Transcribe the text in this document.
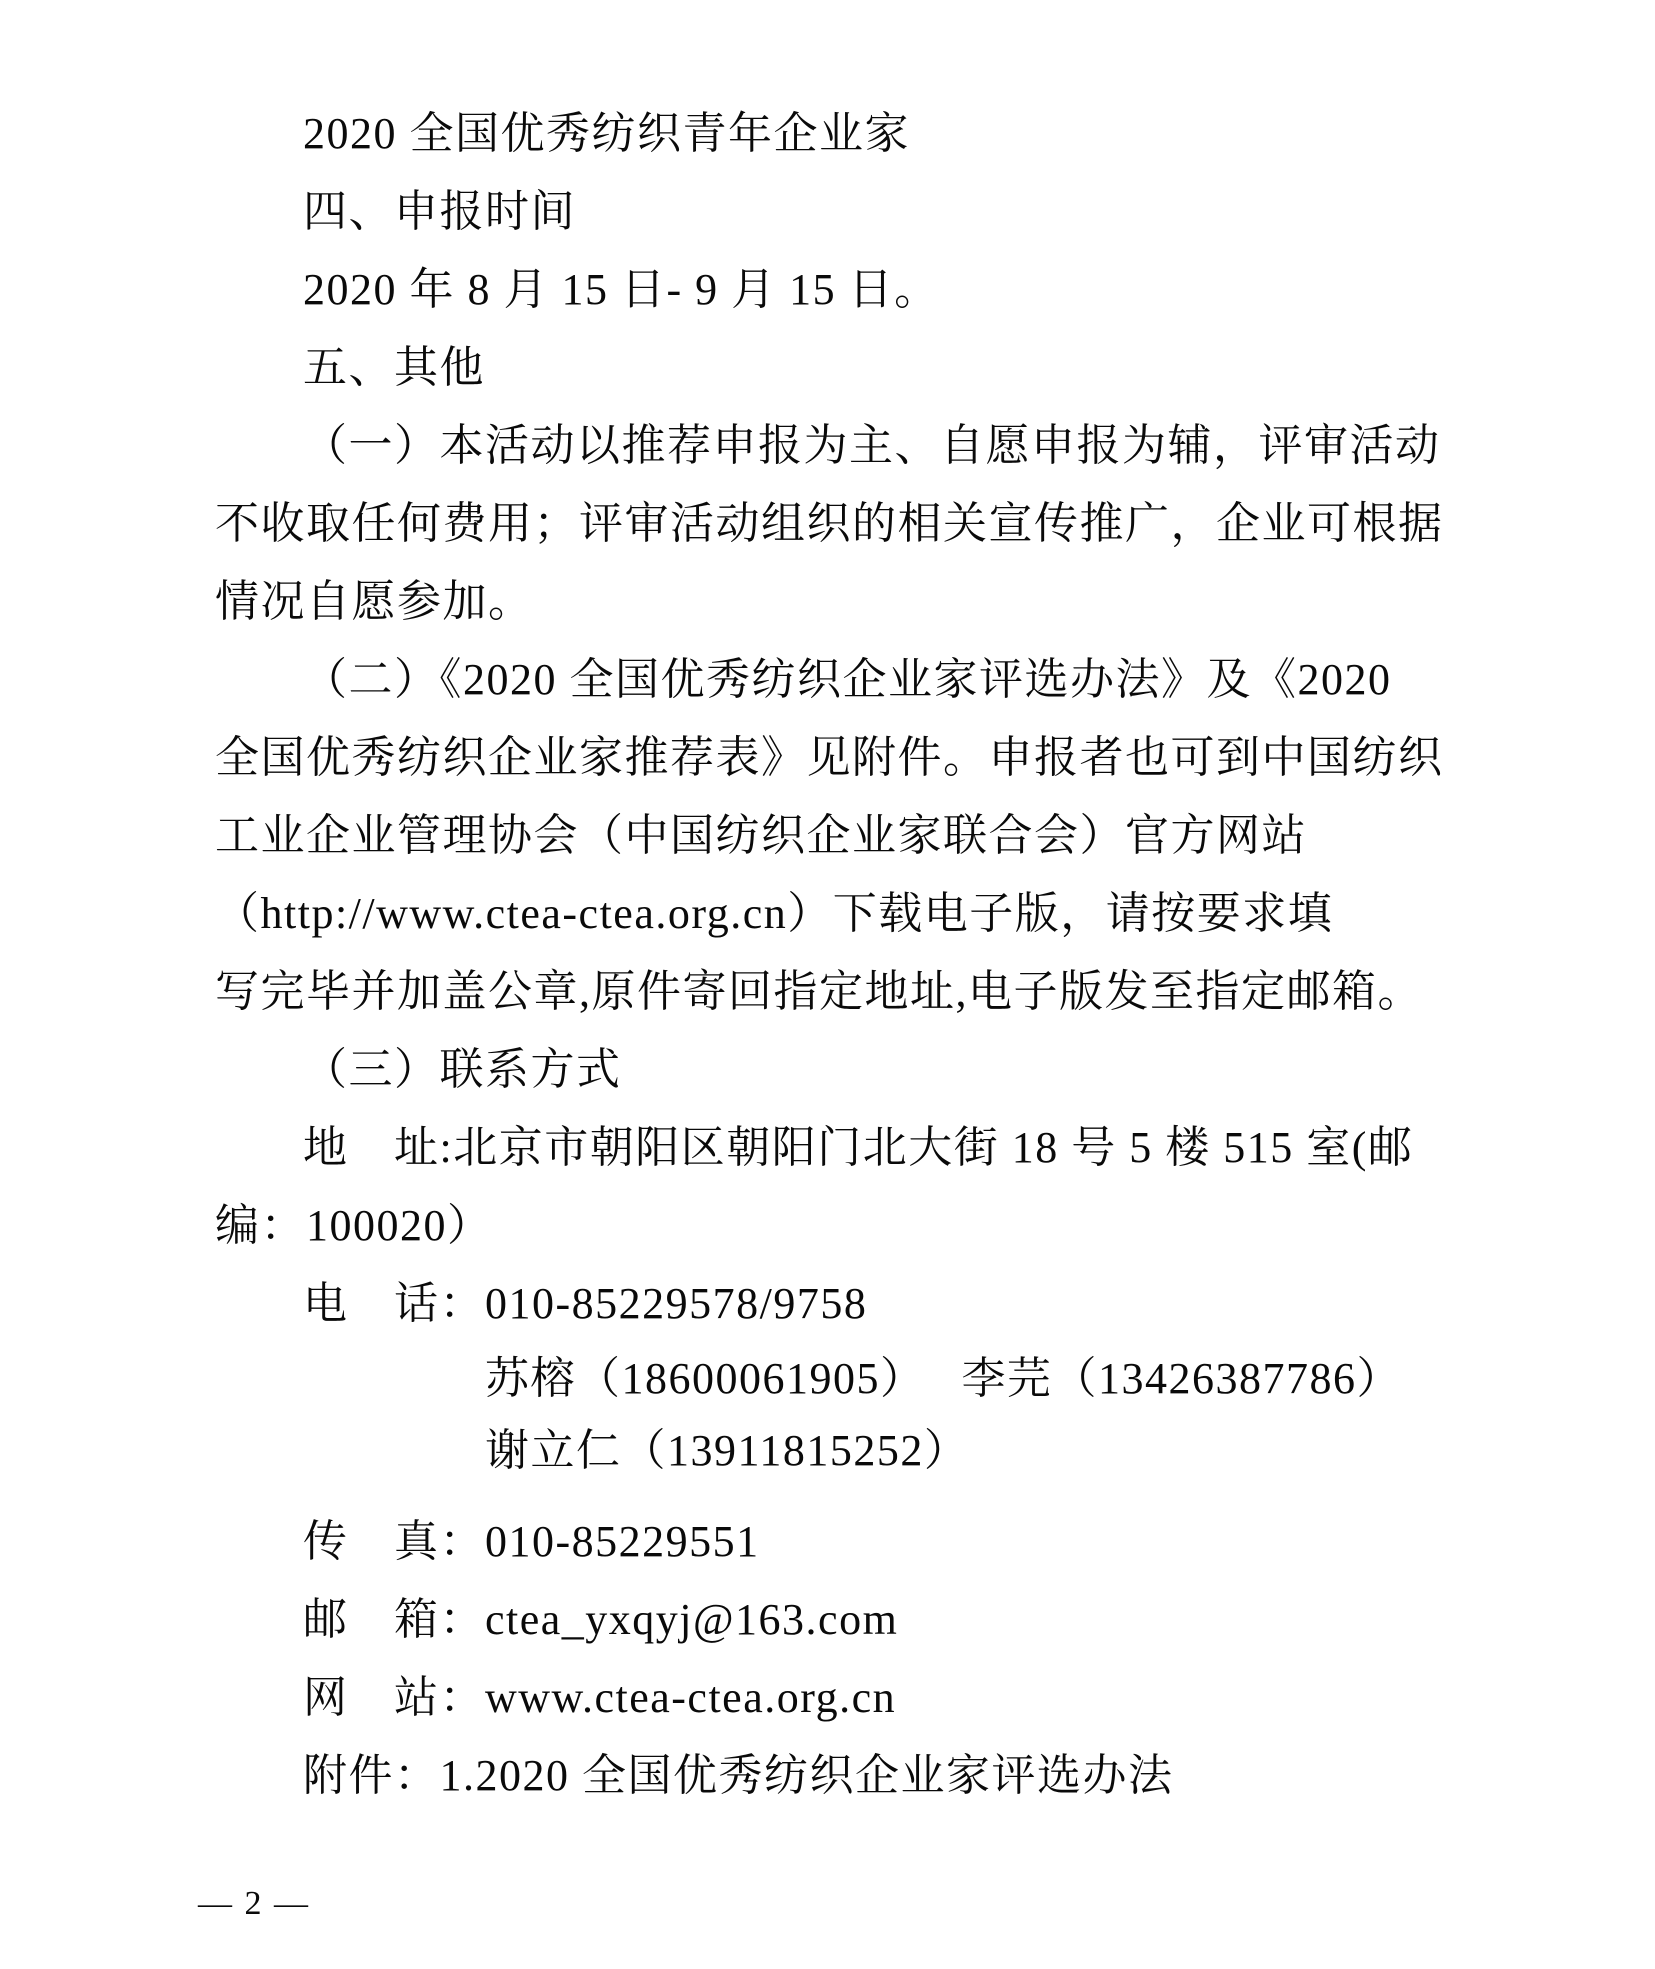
2020 全国优秀纺织青年企业家
四、申报时间
2020 年 8 月 15 日- 9 月 15 日。
五、其他
（一）本活动以推荐申报为主、自愿申报为辅，评审活动
不收取任何费用；评审活动组织的相关宣传推广，企业可根据
情况自愿参加。
（二）《2020 全国优秀纺织企业家评选办法》及《2020
全国优秀纺织企业家推荐表》见附件。申报者也可到中国纺织
工业企业管理协会（中国纺织企业家联合会）官方网站
（http://www.ctea-ctea.org.cn）下载电子版，请按要求填
写完毕并加盖公章,原件寄回指定地址,电子版发至指定邮箱。
（三）联系方式
地　址:北京市朝阳区朝阳门北大街 18 号 5 楼 515 室(邮
编：100020）
电　话：010-85229578/9758
苏榕（18600061905）　 李芫（13426387786）
谢立仁（13911815252）
传　真：010-85229551
邮　箱：ctea_yxqyj@163.com
网　站：www.ctea-ctea.org.cn
附件：1.2020 全国优秀纺织企业家评选办法
— 2 —
